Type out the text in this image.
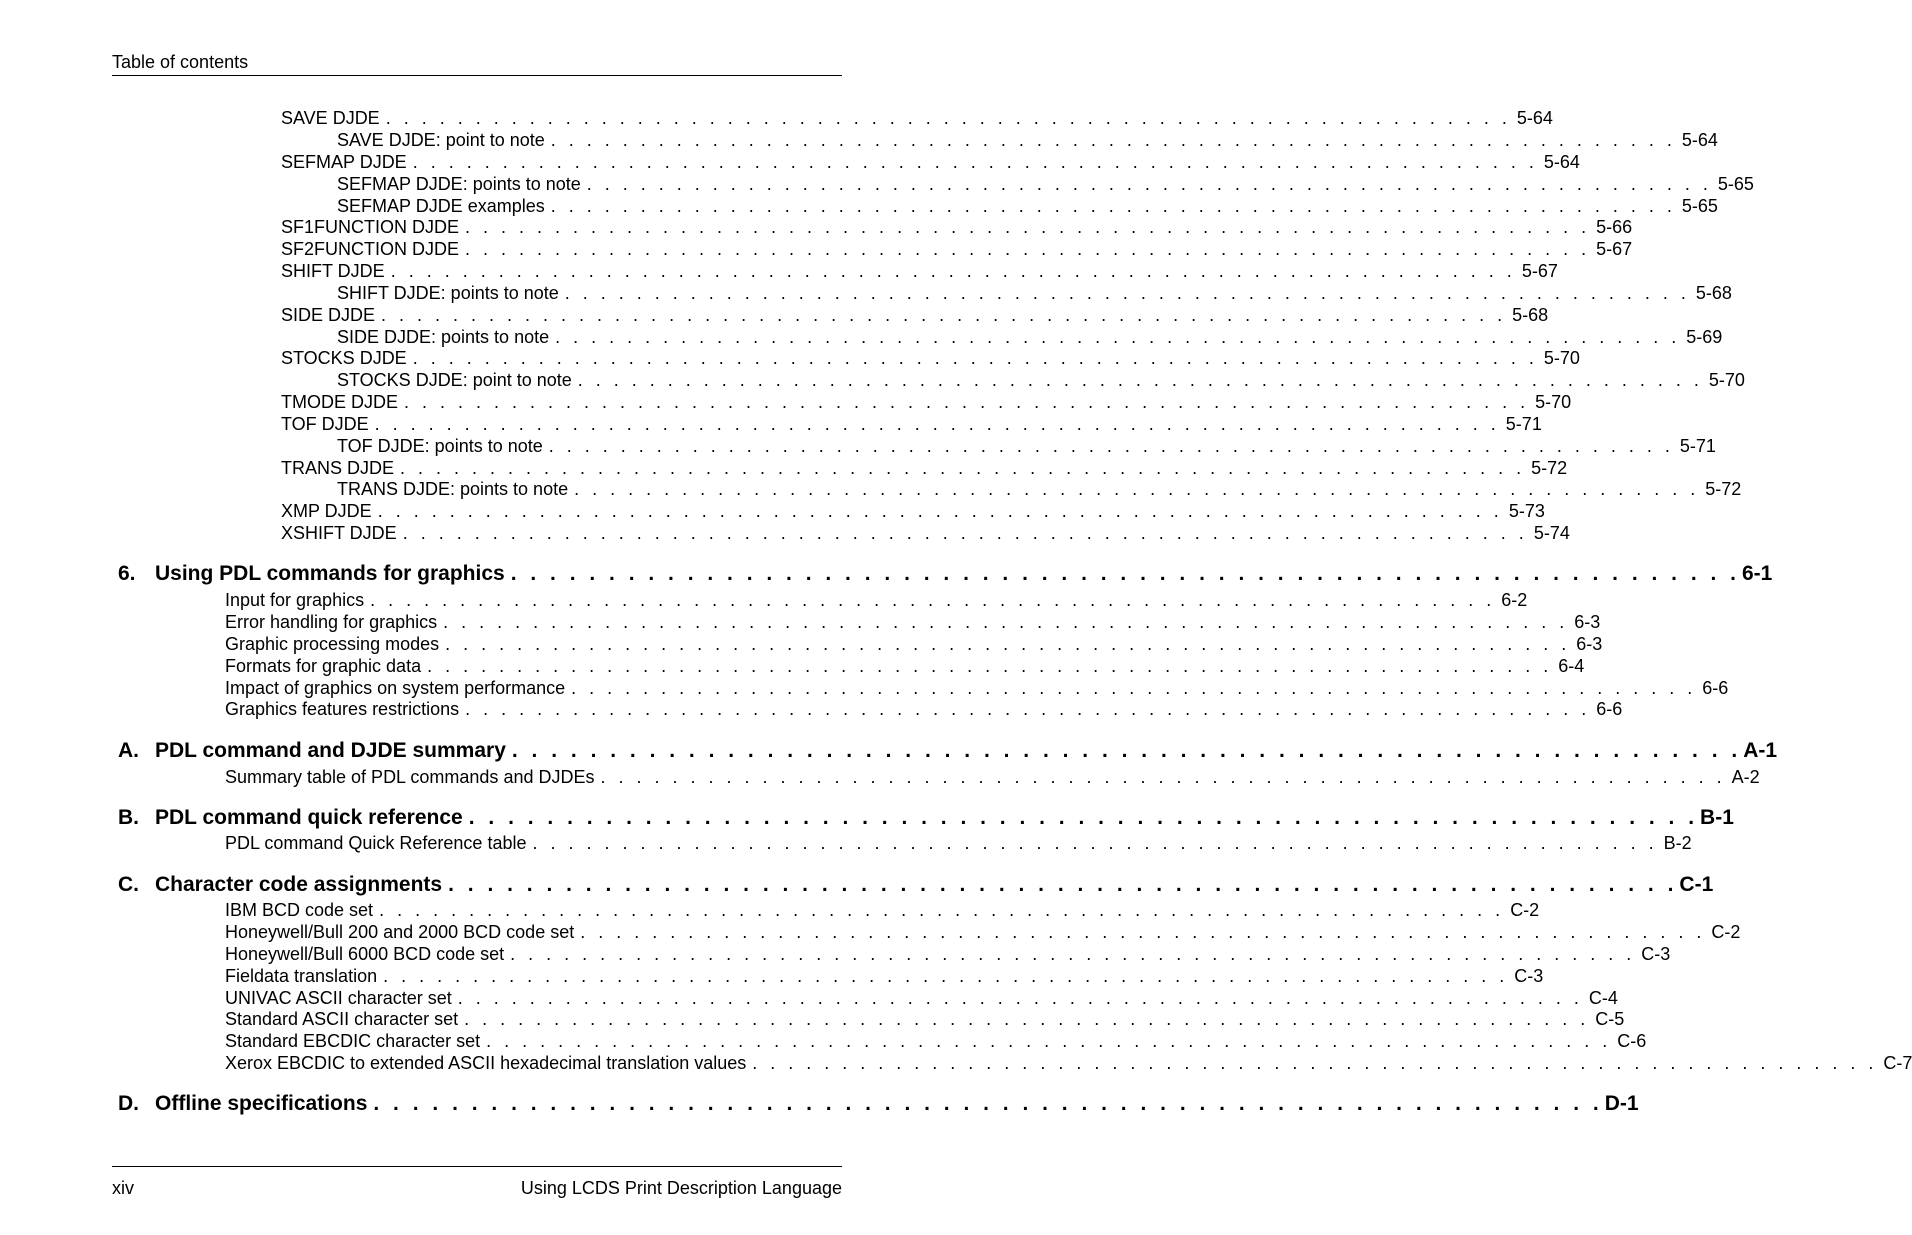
Table of contents
SAVE DJDE . . . . . . . . . . . . . . . . . . . . . . . . . . . . . . . . . . . . . . . . . . . . . . . . . . . . . . . . . . . . . . . 5-64
SAVE DJDE: point to note . . . . . . . . . . . . . . . . . . . . . . . . . . . . . . . . . . . . . . . . . . . . . . . . . . . . . . . . . . . . . . . 5-64
SEFMAP DJDE . . . . . . . . . . . . . . . . . . . . . . . . . . . . . . . . . . . . . . . . . . . . . . . . . . . . . . . . . . . . . . . 5-64
SEFMAP DJDE: points to note . . . . . . . . . . . . . . . . . . . . . . . . . . . . . . . . . . . . . . . . . . . . . . . . . . . . . . . . . . . . . . . 5-65
SEFMAP DJDE examples . . . . . . . . . . . . . . . . . . . . . . . . . . . . . . . . . . . . . . . . . . . . . . . . . . . . . . . . . . . . . . . 5-65
SF1FUNCTION DJDE . . . . . . . . . . . . . . . . . . . . . . . . . . . . . . . . . . . . . . . . . . . . . . . . . . . . . . . . . . . . . . . 5-66
SF2FUNCTION DJDE . . . . . . . . . . . . . . . . . . . . . . . . . . . . . . . . . . . . . . . . . . . . . . . . . . . . . . . . . . . . . . . 5-67
SHIFT DJDE . . . . . . . . . . . . . . . . . . . . . . . . . . . . . . . . . . . . . . . . . . . . . . . . . . . . . . . . . . . . . . . 5-67
SHIFT DJDE: points to note . . . . . . . . . . . . . . . . . . . . . . . . . . . . . . . . . . . . . . . . . . . . . . . . . . . . . . . . . . . . . . . 5-68
SIDE DJDE . . . . . . . . . . . . . . . . . . . . . . . . . . . . . . . . . . . . . . . . . . . . . . . . . . . . . . . . . . . . . . . 5-68
SIDE DJDE: points to note . . . . . . . . . . . . . . . . . . . . . . . . . . . . . . . . . . . . . . . . . . . . . . . . . . . . . . . . . . . . . . . 5-69
STOCKS DJDE . . . . . . . . . . . . . . . . . . . . . . . . . . . . . . . . . . . . . . . . . . . . . . . . . . . . . . . . . . . . . . . 5-70
STOCKS DJDE: point to note . . . . . . . . . . . . . . . . . . . . . . . . . . . . . . . . . . . . . . . . . . . . . . . . . . . . . . . . . . . . . . . 5-70
TMODE DJDE . . . . . . . . . . . . . . . . . . . . . . . . . . . . . . . . . . . . . . . . . . . . . . . . . . . . . . . . . . . . . . . 5-70
TOF DJDE . . . . . . . . . . . . . . . . . . . . . . . . . . . . . . . . . . . . . . . . . . . . . . . . . . . . . . . . . . . . . . . 5-71
TOF DJDE: points to note . . . . . . . . . . . . . . . . . . . . . . . . . . . . . . . . . . . . . . . . . . . . . . . . . . . . . . . . . . . . . . . 5-71
TRANS DJDE . . . . . . . . . . . . . . . . . . . . . . . . . . . . . . . . . . . . . . . . . . . . . . . . . . . . . . . . . . . . . . . 5-72
TRANS DJDE: points to note . . . . . . . . . . . . . . . . . . . . . . . . . . . . . . . . . . . . . . . . . . . . . . . . . . . . . . . . . . . . . . . 5-72
XMP DJDE . . . . . . . . . . . . . . . . . . . . . . . . . . . . . . . . . . . . . . . . . . . . . . . . . . . . . . . . . . . . . . . 5-73
XSHIFT DJDE . . . . . . . . . . . . . . . . . . . . . . . . . . . . . . . . . . . . . . . . . . . . . . . . . . . . . . . . . . . . . . . 5-74
6. Using PDL commands for graphics . . . . . . . . . . . . . . . . . . . . . . . . . . . . . . . . . . . . . . . . . . . . . . . . . . . . . . . . . . . . . . . 6-1
Input for graphics . . . . . . . . . . . . . . . . . . . . . . . . . . . . . . . . . . . . . . . . . . . . . . . . . . . . . . . . . . . . . . . 6-2
Error handling for graphics . . . . . . . . . . . . . . . . . . . . . . . . . . . . . . . . . . . . . . . . . . . . . . . . . . . . . . . . . . . . . . . 6-3
Graphic processing modes . . . . . . . . . . . . . . . . . . . . . . . . . . . . . . . . . . . . . . . . . . . . . . . . . . . . . . . . . . . . . . . 6-3
Formats for graphic data . . . . . . . . . . . . . . . . . . . . . . . . . . . . . . . . . . . . . . . . . . . . . . . . . . . . . . . . . . . . . . . 6-4
Impact of graphics on system performance . . . . . . . . . . . . . . . . . . . . . . . . . . . . . . . . . . . . . . . . . . . . . . . . . . . . . . . . . . . . . . . 6-6
Graphics features restrictions . . . . . . . . . . . . . . . . . . . . . . . . . . . . . . . . . . . . . . . . . . . . . . . . . . . . . . . . . . . . . . . 6-6
A. PDL command and DJDE summary . . . . . . . . . . . . . . . . . . . . . . . . . . . . . . . . . . . . . . . . . . . . . . . . . . . . . . . . . . . . . . . A-1
Summary table of PDL commands and DJDEs . . . . . . . . . . . . . . . . . . . . . . . . . . . . . . . . . . . . . . . . . . . . . . . . . . . . . . . . . . . . . . . A-2
B. PDL command quick reference . . . . . . . . . . . . . . . . . . . . . . . . . . . . . . . . . . . . . . . . . . . . . . . . . . . . . . . . . . . . . . . B-1
PDL command Quick Reference table . . . . . . . . . . . . . . . . . . . . . . . . . . . . . . . . . . . . . . . . . . . . . . . . . . . . . . . . . . . . . . . B-2
C. Character code assignments . . . . . . . . . . . . . . . . . . . . . . . . . . . . . . . . . . . . . . . . . . . . . . . . . . . . . . . . . . . . . . . C-1
IBM BCD code set . . . . . . . . . . . . . . . . . . . . . . . . . . . . . . . . . . . . . . . . . . . . . . . . . . . . . . . . . . . . . . . C-2
Honeywell/Bull 200 and 2000 BCD code set . . . . . . . . . . . . . . . . . . . . . . . . . . . . . . . . . . . . . . . . . . . . . . . . . . . . . . . . . . . . . . . C-2
Honeywell/Bull 6000 BCD code set . . . . . . . . . . . . . . . . . . . . . . . . . . . . . . . . . . . . . . . . . . . . . . . . . . . . . . . . . . . . . . . C-3
Fieldata translation . . . . . . . . . . . . . . . . . . . . . . . . . . . . . . . . . . . . . . . . . . . . . . . . . . . . . . . . . . . . . . . C-3
UNIVAC ASCII character set . . . . . . . . . . . . . . . . . . . . . . . . . . . . . . . . . . . . . . . . . . . . . . . . . . . . . . . . . . . . . . . C-4
Standard ASCII character set . . . . . . . . . . . . . . . . . . . . . . . . . . . . . . . . . . . . . . . . . . . . . . . . . . . . . . . . . . . . . . . C-5
Standard EBCDIC character set . . . . . . . . . . . . . . . . . . . . . . . . . . . . . . . . . . . . . . . . . . . . . . . . . . . . . . . . . . . . . . . C-6
Xerox EBCDIC to extended ASCII hexadecimal translation values . . . . . . . . . . . . . . . . . . . . . . . . . . . . . . . . . . . . . . . . . . . . . . . . . . . . . . . . . . . . . . . C-7
D. Offline specifications . . . . . . . . . . . . . . . . . . . . . . . . . . . . . . . . . . . . . . . . . . . . . . . . . . . . . . . . . . . . . . . D-1
xiv	Using LCDS Print Description Language
